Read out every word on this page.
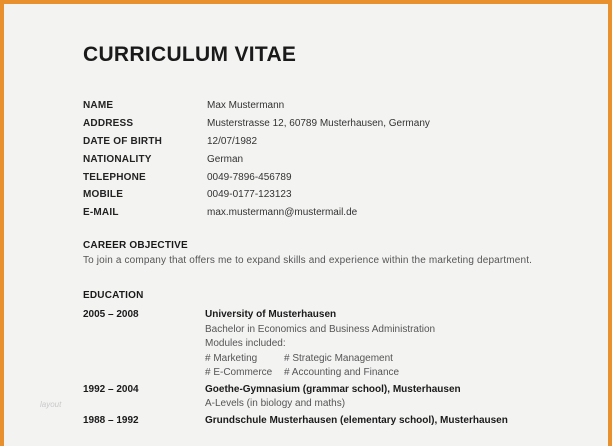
CURRICULUM VITAE
NAME	Max Mustermann
ADDRESS	Musterstrasse 12, 60789 Musterhausen, Germany
DATE OF BIRTH	12/07/1982
NATIONALITY	German
TELEPHONE	0049-7896-456789
MOBILE	0049-0177-123123
E-MAIL	max.mustermann@mustermail.de
CAREER OBJECTIVE
To join a company that offers me to expand skills and experience within the marketing department.
EDUCATION
2005 – 2008	University of Musterhausen
Bachelor in Economics and Business Administration
Modules included:
# Marketing	# Strategic Management
# E-Commerce # Accounting and Finance
1992 – 2004	Goethe-Gymnasium (grammar school), Musterhausen
A-Levels (in biology and maths)
1988 – 1992	Grundschule Musterhausen (elementary school), Musterhausen
layout
